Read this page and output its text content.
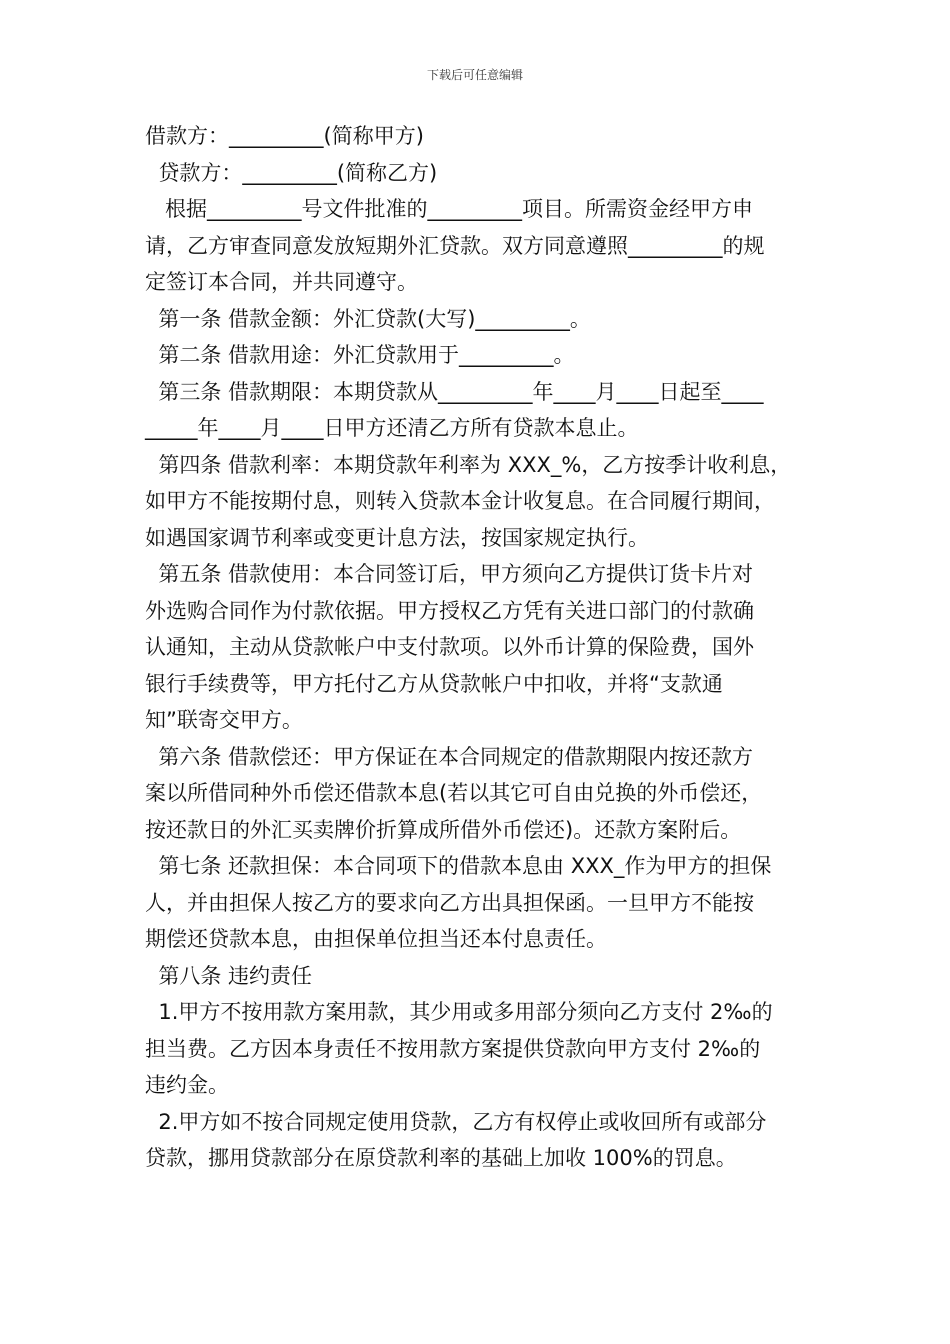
下载后可任意编辑
借款方：_________(简称甲方)
贷款方：_________(简称乙方)
根据_________号文件批准的_________项目。所需资金经甲方申
请，乙方审查同意发放短期外汇贷款。双方同意遵照_________的规
定签订本合同，并共同遵守。
第一条 借款金额：外汇贷款(大写)_________。
第二条 借款用途：外汇贷款用于_________。
第三条 借款期限：本期贷款从_________年____月____日起至____
_____年____月____日甲方还清乙方所有贷款本息止。
第四条 借款利率：本期贷款年利率为 XXX_%，乙方按季计收利息，
如甲方不能按期付息，则转入贷款本金计收复息。在合同履行期间，
如遇国家调节利率或变更计息方法，按国家规定执行。
第五条 借款使用：本合同签订后，甲方须向乙方提供订货卡片对
外选购合同作为付款依据。甲方授权乙方凭有关进口部门的付款确
认通知，主动从贷款帐户中支付款项。以外币计算的保险费，国外
银行手续费等，甲方托付乙方从贷款帐户中扣收，并将“支款通
知”联寄交甲方。
第六条 借款偿还：甲方保证在本合同规定的借款期限内按还款方
案以所借同种外币偿还借款本息(若以其它可自由兑换的外币偿还，
按还款日的外汇买卖牌价折算成所借外币偿还)。还款方案附后。
第七条 还款担保：本合同项下的借款本息由 XXX_作为甲方的担保
人，并由担保人按乙方的要求向乙方出具担保函。一旦甲方不能按
期偿还贷款本息，由担保单位担当还本付息责任。
第八条 违约责任
1.甲方不按用款方案用款，其少用或多用部分须向乙方支付 2‰的
担当费。乙方因本身责任不按用款方案提供贷款向甲方支付 2‰的
违约金。
2.甲方如不按合同规定使用贷款，乙方有权停止或收回所有或部分
贷款，挪用贷款部分在原贷款利率的基础上加收 100%的罚息。
